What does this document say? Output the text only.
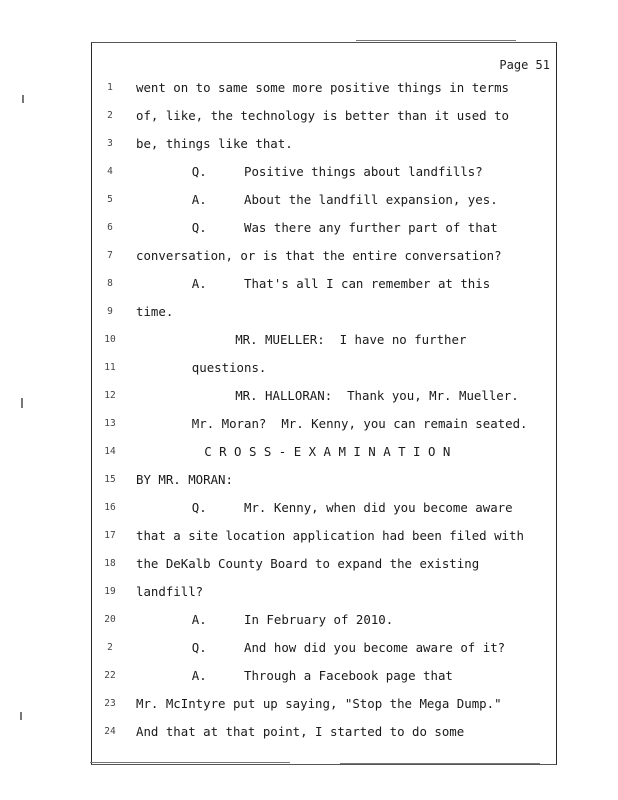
Page 51
1	went on to same some more positive things in terms
2	of, like, the technology is better than it used to
3	be, things like that.
4	Q.     Positive things about landfills?
5	A.     About the landfill expansion, yes.
6	Q.     Was there any further part of that
7	conversation, or is that the entire conversation?
8	A.     That's all I can remember at this
9	time.
10	MR. MUELLER:  I have no further
11	questions.
12	MR. HALLORAN:  Thank you, Mr. Mueller.
13	Mr. Moran?  Mr. Kenny, you can remain seated.
14	C R O S S - E X A M I N A T I O N
15	BY MR. MORAN:
16	Q.     Mr. Kenny, when did you become aware
17	that a site location application had been filed with
18	the DeKalb County Board to expand the existing
19	landfill?
20	A.     In February of 2010.
2	Q.     And how did you become aware of it?
22	A.     Through a Facebook page that
23	Mr. McIntyre put up saying, "Stop the Mega Dump."
24	And that at that point, I started to do some
